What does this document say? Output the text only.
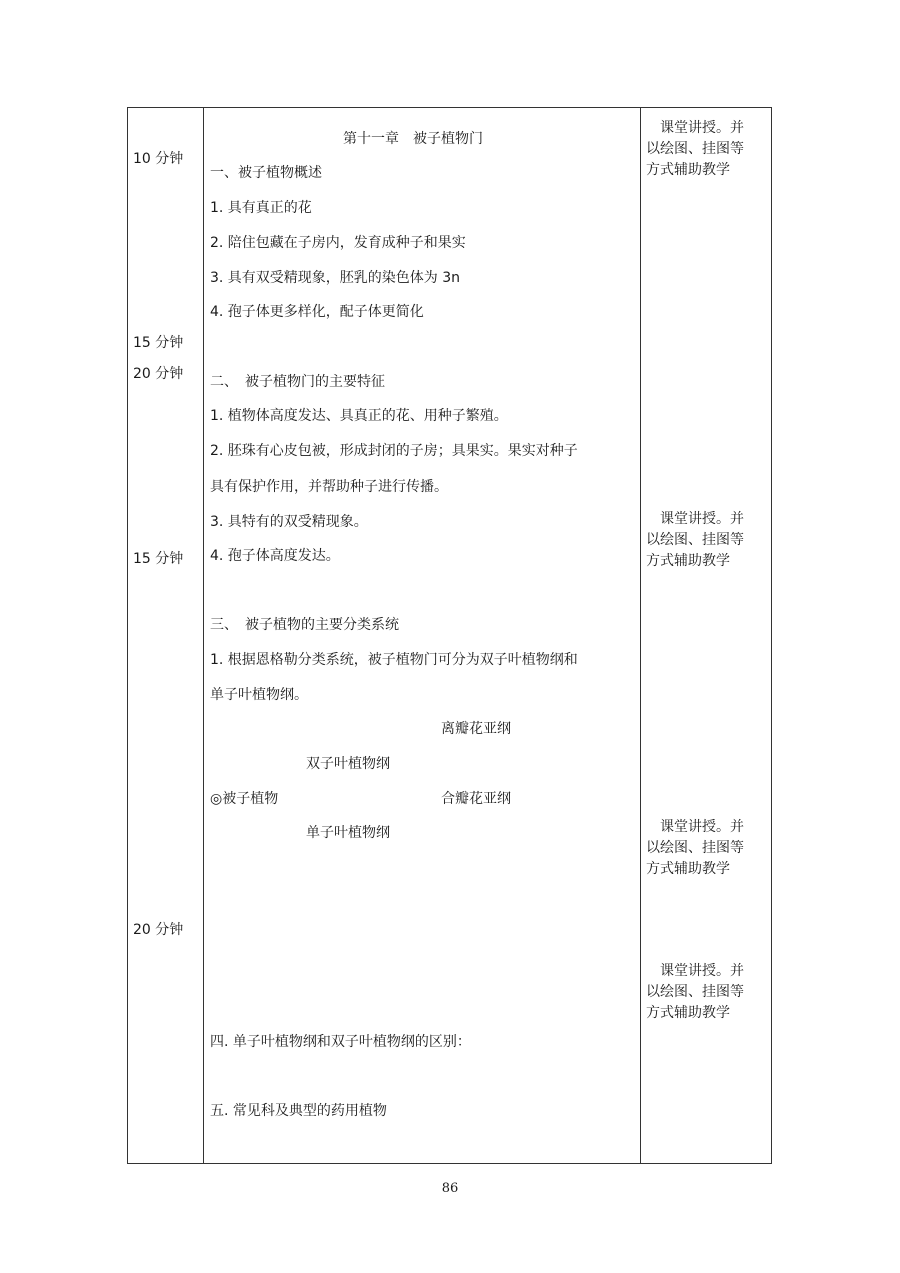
10 分钟
15 分钟
20 分钟
15 分钟
20 分钟
第十一章　被子植物门
一、被子植物概述
1. 具有真正的花
2. 陪住包藏在子房内，发育成种子和果实
3. 具有双受精现象，胚乳的染色体为 3n
4. 孢子体更多样化，配子体更简化
二、　被子植物门的主要特征
1. 植物体高度发达、具真正的花、用种子繁殖。
2. 胚珠有心皮包被，形成封闭的子房；具果实。果实对种子
具有保护作用，并帮助种子进行传播。
3. 具特有的双受精现象。
4. 孢子体高度发达。
三、　被子植物的主要分类系统
1. 根据恩格勒分类系统，被子植物门可分为双子叶植物纲和
单子叶植物纲。
离瓣花亚纲
双子叶植物纲
◎被子植物	合瓣花亚纲
单子叶植物纲
四. 单子叶植物纲和双子叶植物纲的区别：
五. 常见科及典型的药用植物
课堂讲授。并
以绘图、挂图等
方式辅助教学
课堂讲授。并
以绘图、挂图等
方式辅助教学
课堂讲授。并
以绘图、挂图等
方式辅助教学
课堂讲授。并
以绘图、挂图等
方式辅助教学
86
